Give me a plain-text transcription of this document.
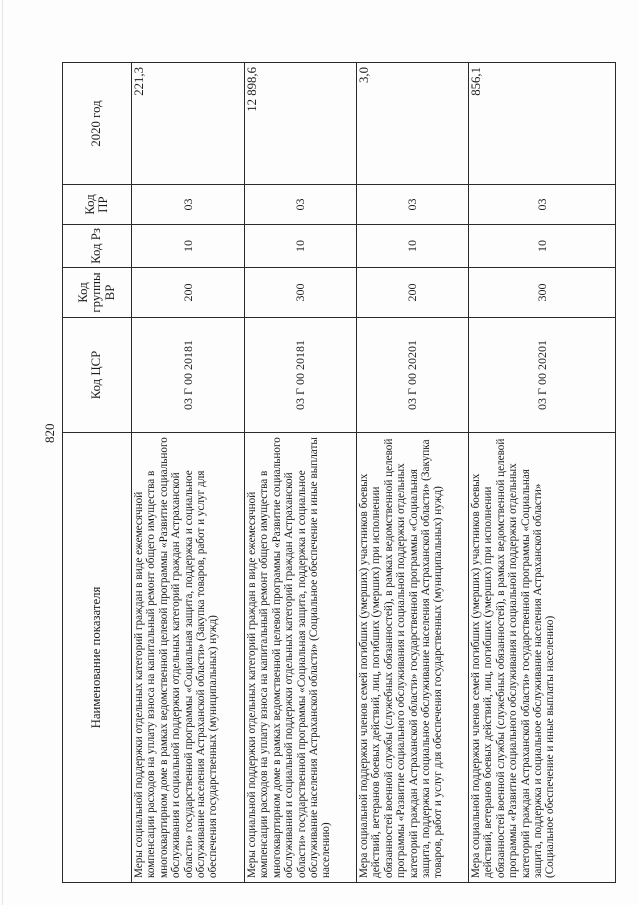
820
Наименование показателя	Код ЦСР	Код группы ВР	Код Рз	Код ПР	2020 год
Меры социальной поддержки отдельных категорий граждан в виде ежемесячной компенсации расходов на уплату взноса на капитальный ремонт общего имущества в многоквартирном доме в рамках ведомственной целевой программы «Развитие социального обслуживания и социальной поддержки отдельных категорий граждан Астраханской области» государственной программы «Социальная защита, поддержка и социальное обслуживание населения Астраханской области» (Закупка товаров, работ и услуг для обеспечения государственных (муниципальных) нужд)	03 Г 00 20181	200	10	03	221,3
Меры социальной поддержки отдельных категорий граждан в виде ежемесячной компенсации расходов на уплату взноса на капитальный ремонт общего имущества в многоквартирном доме в рамках ведомственной целевой программы «Развитие социального обслуживания и социальной поддержки отдельных категорий граждан Астраханской области» государственной программы «Социальная защита, поддержка и социальное обслуживание населения Астраханской области» (Социальное обеспечение и иные выплаты населению)	03 Г 00 20181	300	10	03	12 898,6
Мера социальной поддержки членов семей погибших (умерших) участников боевых действий, ветеранов боевых действий, лиц, погибших (умерших) при исполнении обязанностей военной службы (служебных обязанностей), в рамках ведомственной целевой программы «Развитие социального обслуживания и социальной поддержки отдельных категорий граждан Астраханской области» государственной программы «Социальная защита, поддержка и социальное обслуживание населения Астраханской области» (Закупка товаров, работ и услуг для обеспечения государственных (муниципальных) нужд)	03 Г 00 20201	200	10	03	3,0
Мера социальной поддержки членов семей погибших (умерших) участников боевых действий, ветеранов боевых действий, лиц, погибших (умерших) при исполнении обязанностей военной службы (служебных обязанностей), в рамках ведомственной целевой программы «Развитие социального обслуживания и социальной поддержки отдельных категорий граждан Астраханской области» государственной программы «Социальная защита, поддержка и социальное обслуживание населения Астраханской области» (Социальное обеспечение и иные выплаты населению)	03 Г 00 20201	300	10	03	856,1
